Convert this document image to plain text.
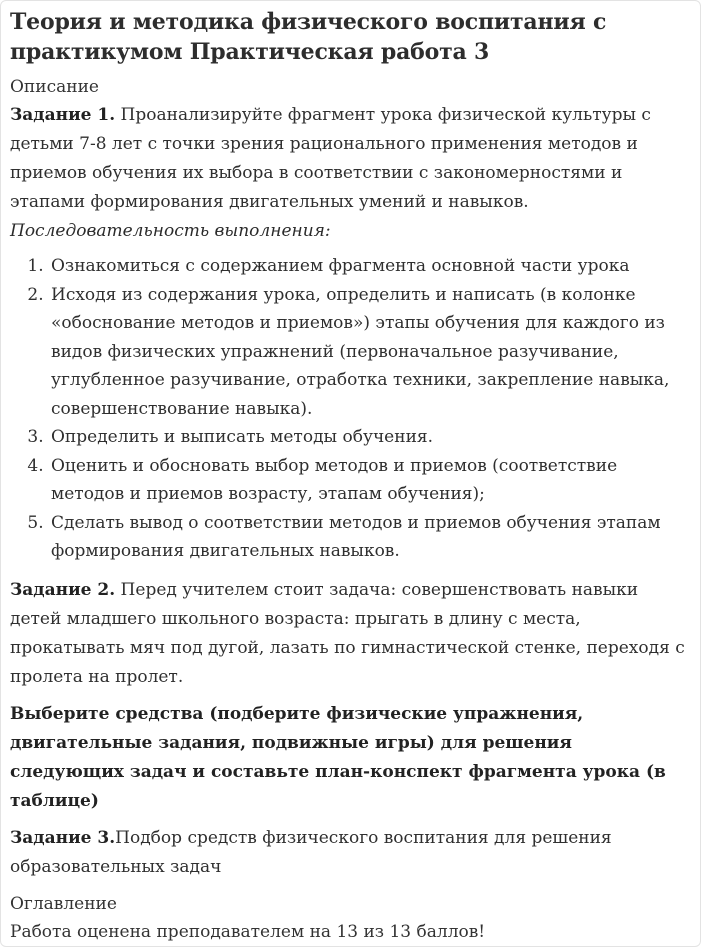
Теория и методика физического воспитания с практикумом Практическая работа 3

Описание

Задание 1. Проанализируйте фрагмент урока физической культуры с детьми 7-8 лет с точки зрения рационального применения методов и приемов обучения их выбора в соответствии с закономерностями и этапами формирования двигательных умений и навыков.

Последовательность выполнения:

1. Ознакомиться с содержанием фрагмента основной части урока
2. Исходя из содержания урока, определить и написать (в колонке «обоснование методов и приемов») этапы обучения для каждого из видов физических упражнений (первоначальное разучивание, углубленное разучивание, отработка техники, закрепление навыка, совершенствование навыка).
3. Определить и выписать методы обучения.
4. Оценить и обосновать выбор методов и приемов (соответствие методов и приемов возрасту, этапам обучения);
5. Сделать вывод о соответствии методов и приемов обучения этапам формирования двигательных навыков.

Задание 2. Перед учителем стоит задача: совершенствовать навыки детей младшего школьного возраста: прыгать в длину с места, прокатывать мяч под дугой, лазать по гимнастической стенке, переходя с пролета на пролет.

Выберите средства (подберите физические упражнения, двигательные задания, подвижные игры) для решения следующих задач и составьте план-конспект фрагмента урока (в таблице)

Задание 3.Подбор средств физического воспитания для решения образовательных задач

Оглавление

Работа оценена преподавателем на 13 из 13 баллов!
